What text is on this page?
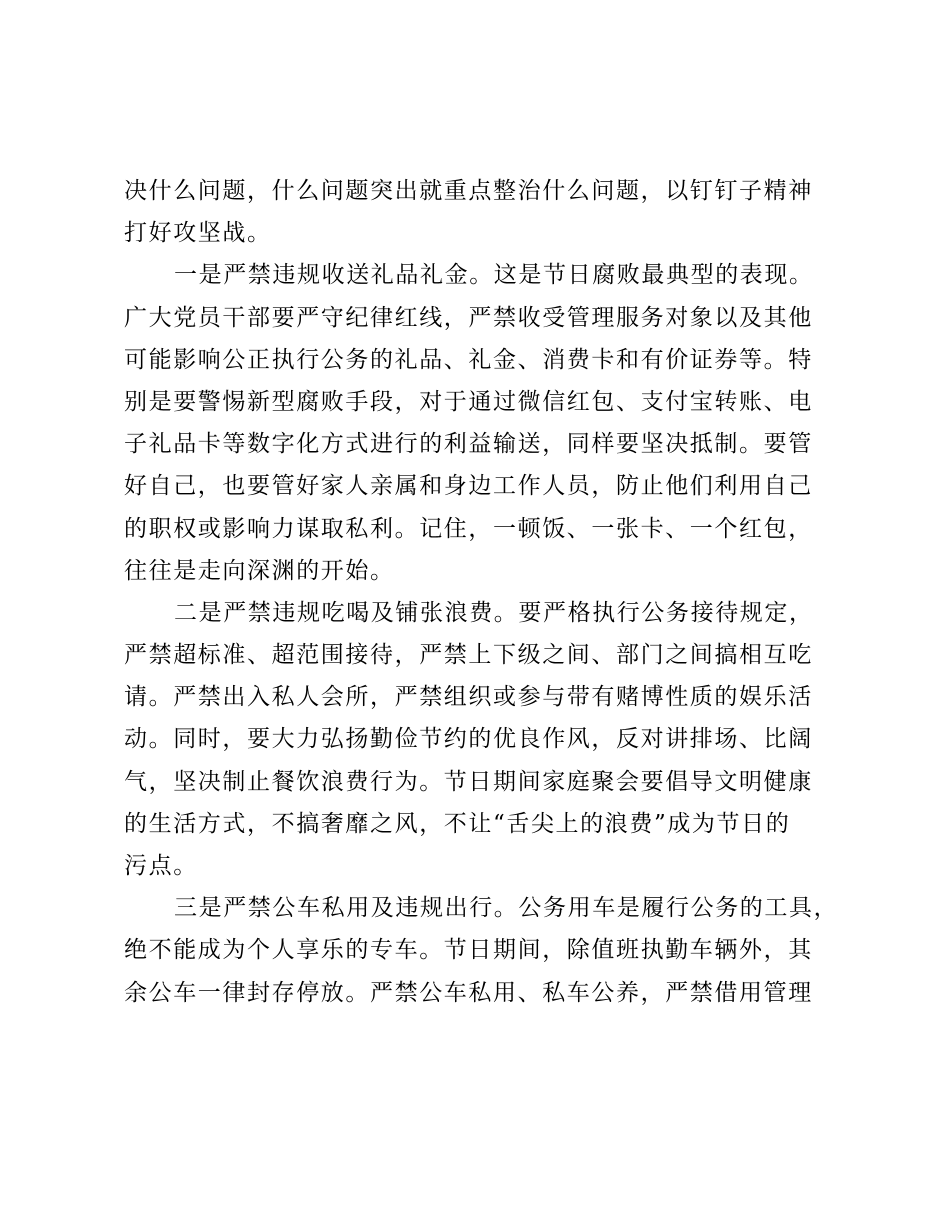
决什么问题，什么问题突出就重点整治什么问题，以钉钉子精神
打好攻坚战。
一是严禁违规收送礼品礼金。这是节日腐败最典型的表现。
广大党员干部要严守纪律红线，严禁收受管理服务对象以及其他
可能影响公正执行公务的礼品、礼金、消费卡和有价证券等。特
别是要警惕新型腐败手段，对于通过微信红包、支付宝转账、电
子礼品卡等数字化方式进行的利益输送，同样要坚决抵制。要管
好自己，也要管好家人亲属和身边工作人员，防止他们利用自己
的职权或影响力谋取私利。记住，一顿饭、一张卡、一个红包，
往往是走向深渊的开始。
二是严禁违规吃喝及铺张浪费。要严格执行公务接待规定，
严禁超标准、超范围接待，严禁上下级之间、部门之间搞相互吃
请。严禁出入私人会所，严禁组织或参与带有赌博性质的娱乐活
动。同时，要大力弘扬勤俭节约的优良作风，反对讲排场、比阔
气，坚决制止餐饮浪费行为。节日期间家庭聚会要倡导文明健康
的生活方式，不搞奢靡之风，不让“舌尖上的浪费”成为节日的
污点。
三是严禁公车私用及违规出行。公务用车是履行公务的工具，
绝不能成为个人享乐的专车。节日期间，除值班执勤车辆外，其
余公车一律封存停放。严禁公车私用、私车公养，严禁借用管理
